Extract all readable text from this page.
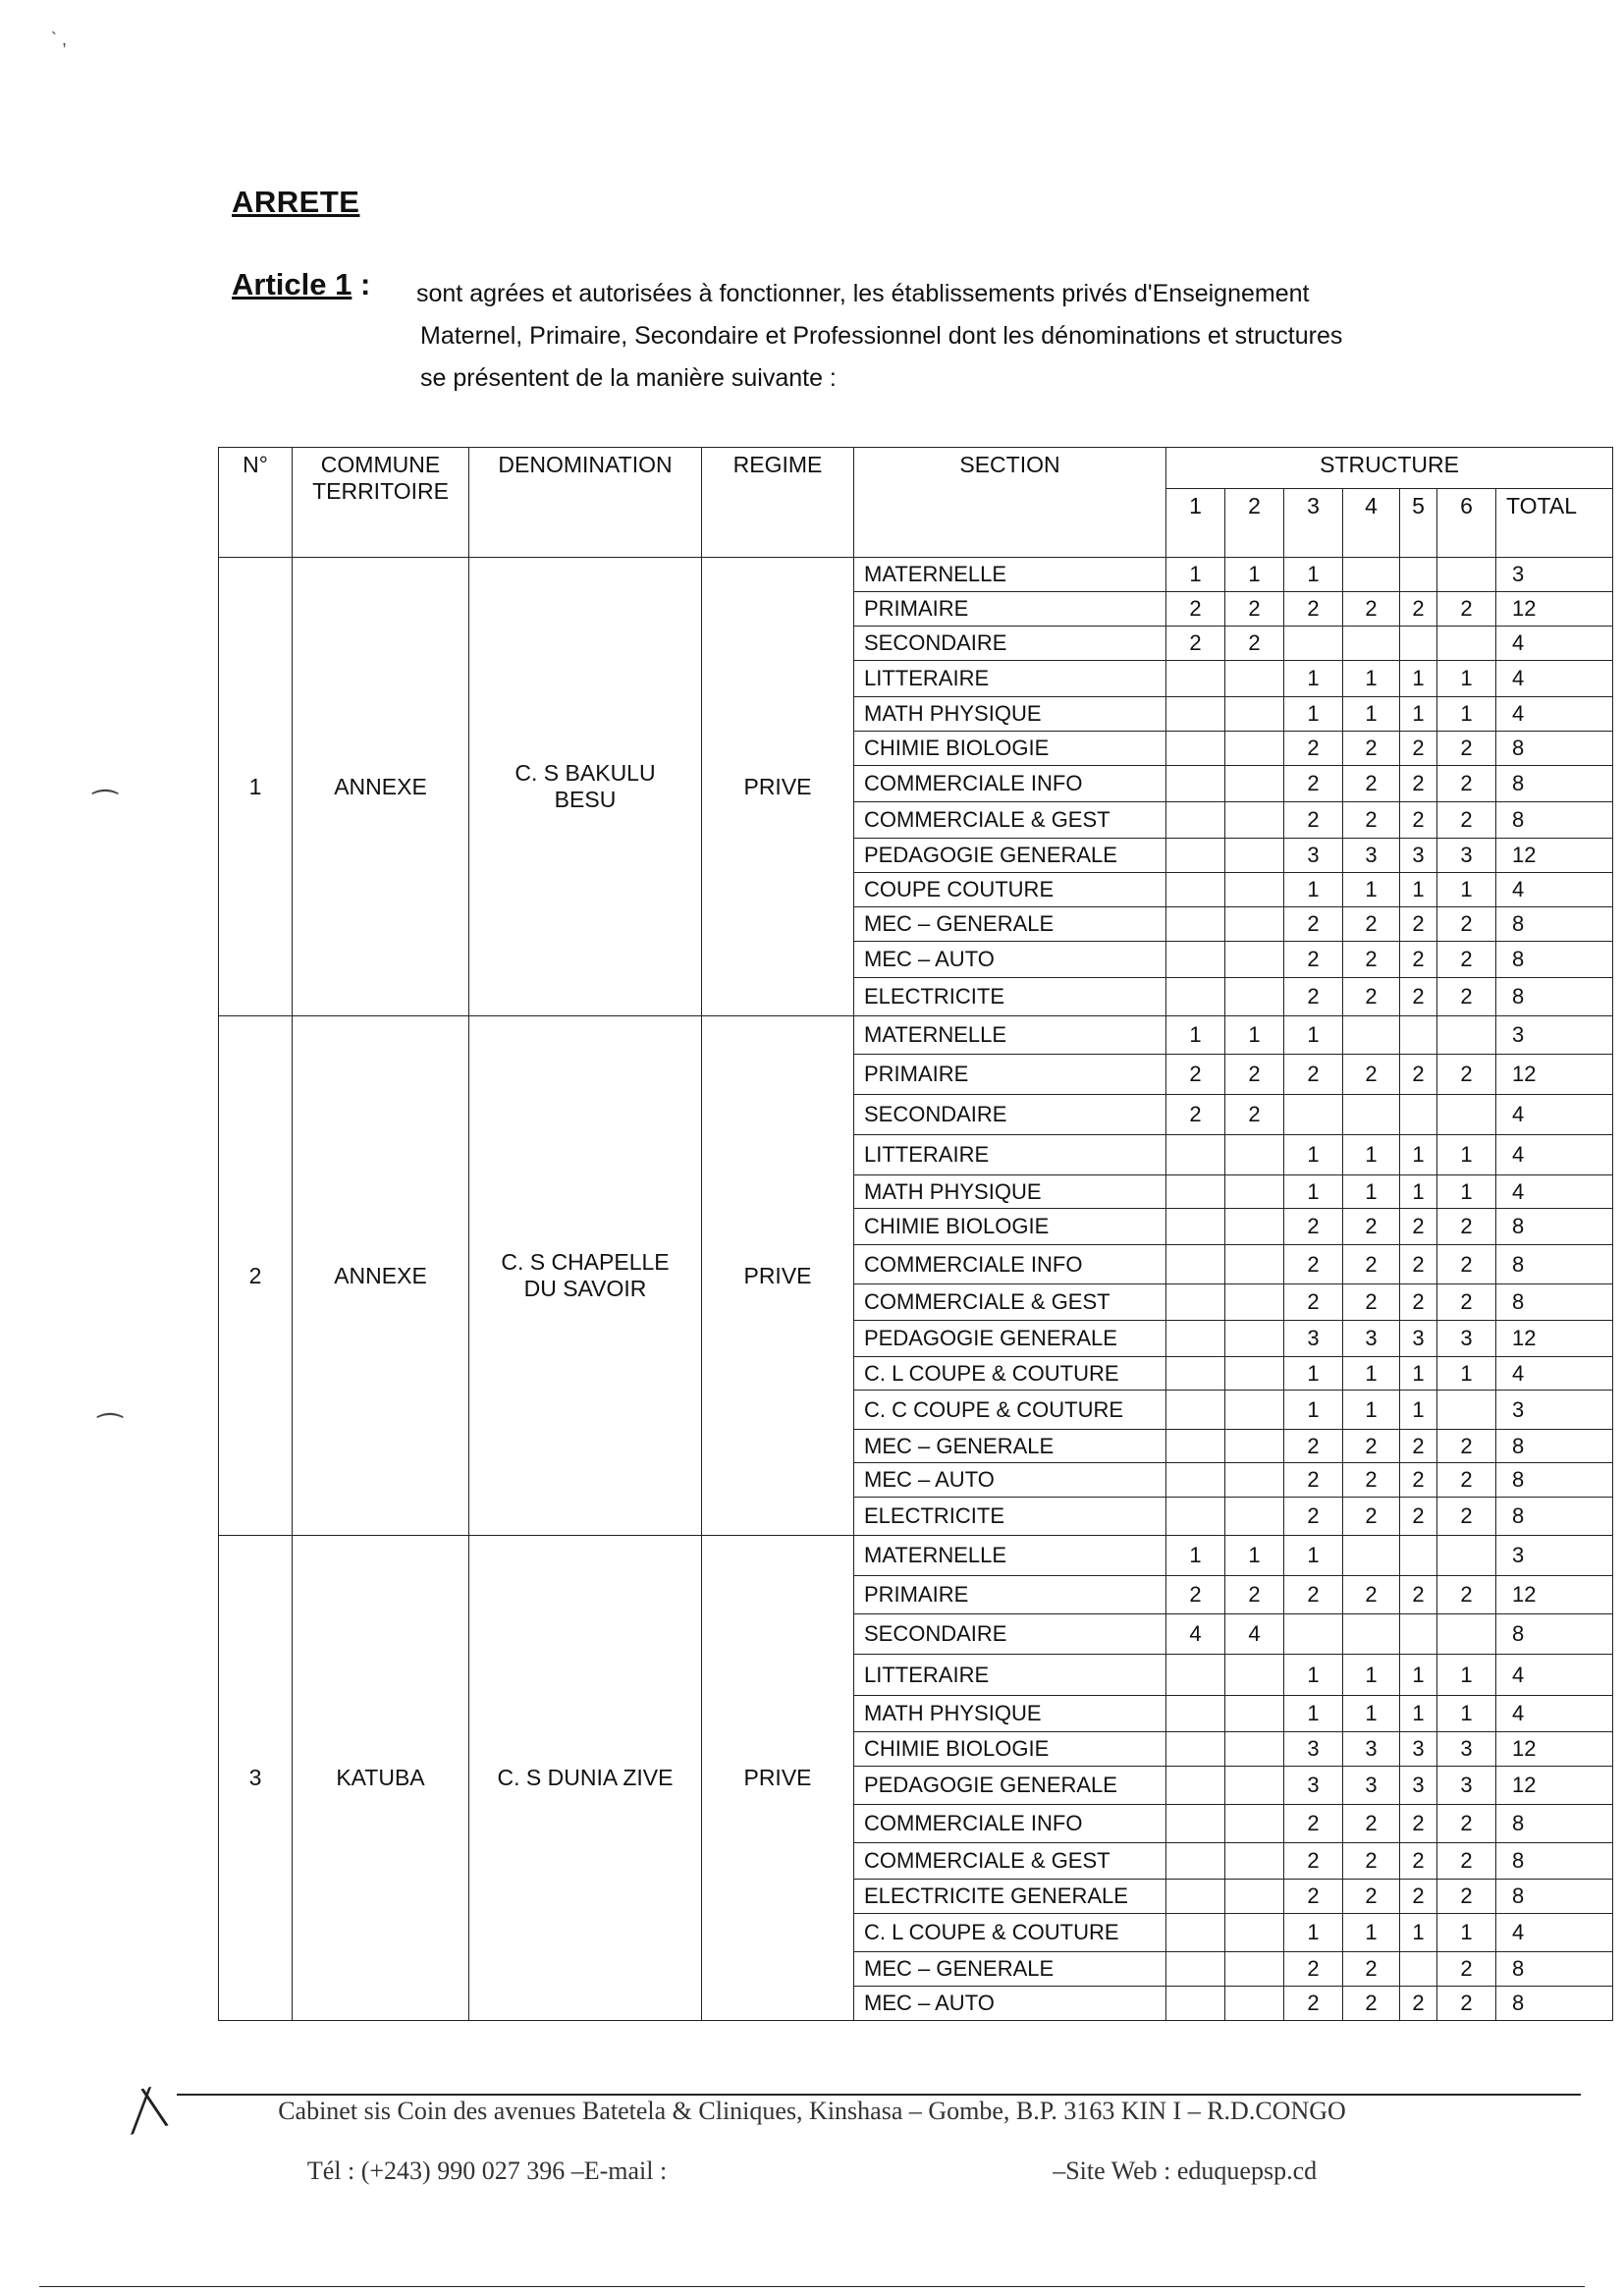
` ,
⁀
⁀
ARRETE
Article 1 : sont agrées et autorisées à fonctionner, les établissements privés d'Enseignement
Maternel, Primaire, Secondaire et Professionnel dont les dénominations et structures
se présentent de la manière suivante :
N°	COMMUNE TERRITOIRE	DENOMINATION	REGIME	SECTION	STRUCTURE						
					1	2	3	4	5	6	TOTAL
1	ANNEXE	C. S BAKULU BESU	PRIVE	MATERNELLE	1	1	1				3
				PRIMAIRE	2	2	2	2	2	2	12
				SECONDAIRE	2	2					4
				LITTERAIRE			1	1	1	1	4
				MATH PHYSIQUE			1	1	1	1	4
				CHIMIE BIOLOGIE			2	2	2	2	8
				COMMERCIALE INFO			2	2	2	2	8
				COMMERCIALE & GEST			2	2	2	2	8
				PEDAGOGIE GENERALE			3	3	3	3	12
				COUPE COUTURE			1	1	1	1	4
				MEC – GENERALE			2	2	2	2	8
				MEC – AUTO			2	2	2	2	8
				ELECTRICITE			2	2	2	2	8
2	ANNEXE	C. S CHAPELLE DU SAVOIR	PRIVE	MATERNELLE	1	1	1				3
				PRIMAIRE	2	2	2	2	2	2	12
				SECONDAIRE	2	2					4
				LITTERAIRE			1	1	1	1	4
				MATH PHYSIQUE			1	1	1	1	4
				CHIMIE BIOLOGIE			2	2	2	2	8
				COMMERCIALE INFO			2	2	2	2	8
				COMMERCIALE & GEST			2	2	2	2	8
				PEDAGOGIE GENERALE			3	3	3	3	12
				C. L COUPE & COUTURE			1	1	1	1	4
				C. C COUPE & COUTURE			1	1	1		3
				MEC – GENERALE			2	2	2	2	8
				MEC – AUTO			2	2	2	2	8
				ELECTRICITE			2	2	2	2	8
3	KATUBA	C. S DUNIA ZIVE	PRIVE	MATERNELLE	1	1	1				3
				PRIMAIRE	2	2	2	2	2	2	12
				SECONDAIRE	4	4					8
				LITTERAIRE			1	1	1	1	4
				MATH PHYSIQUE			1	1	1	1	4
				CHIMIE BIOLOGIE			3	3	3	3	12
				PEDAGOGIE GENERALE			3	3	3	3	12
				COMMERCIALE INFO			2	2	2	2	8
				COMMERCIALE & GEST			2	2	2	2	8
				ELECTRICITE GENERALE			2	2	2	2	8
				C. L COUPE & COUTURE			1	1	1	1	4
				MEC – GENERALE			2	2		2	8
				MEC – AUTO			2	2	2	2	8
⁄\	Cabinet sis Coin des avenues Batetela & Cliniques, Kinshasa – Gombe, B.P. 3163 KIN I – R.D.CONGO
Tél : (+243) 990 027 396 –E-mail :	–Site Web : eduquepsp.cd
